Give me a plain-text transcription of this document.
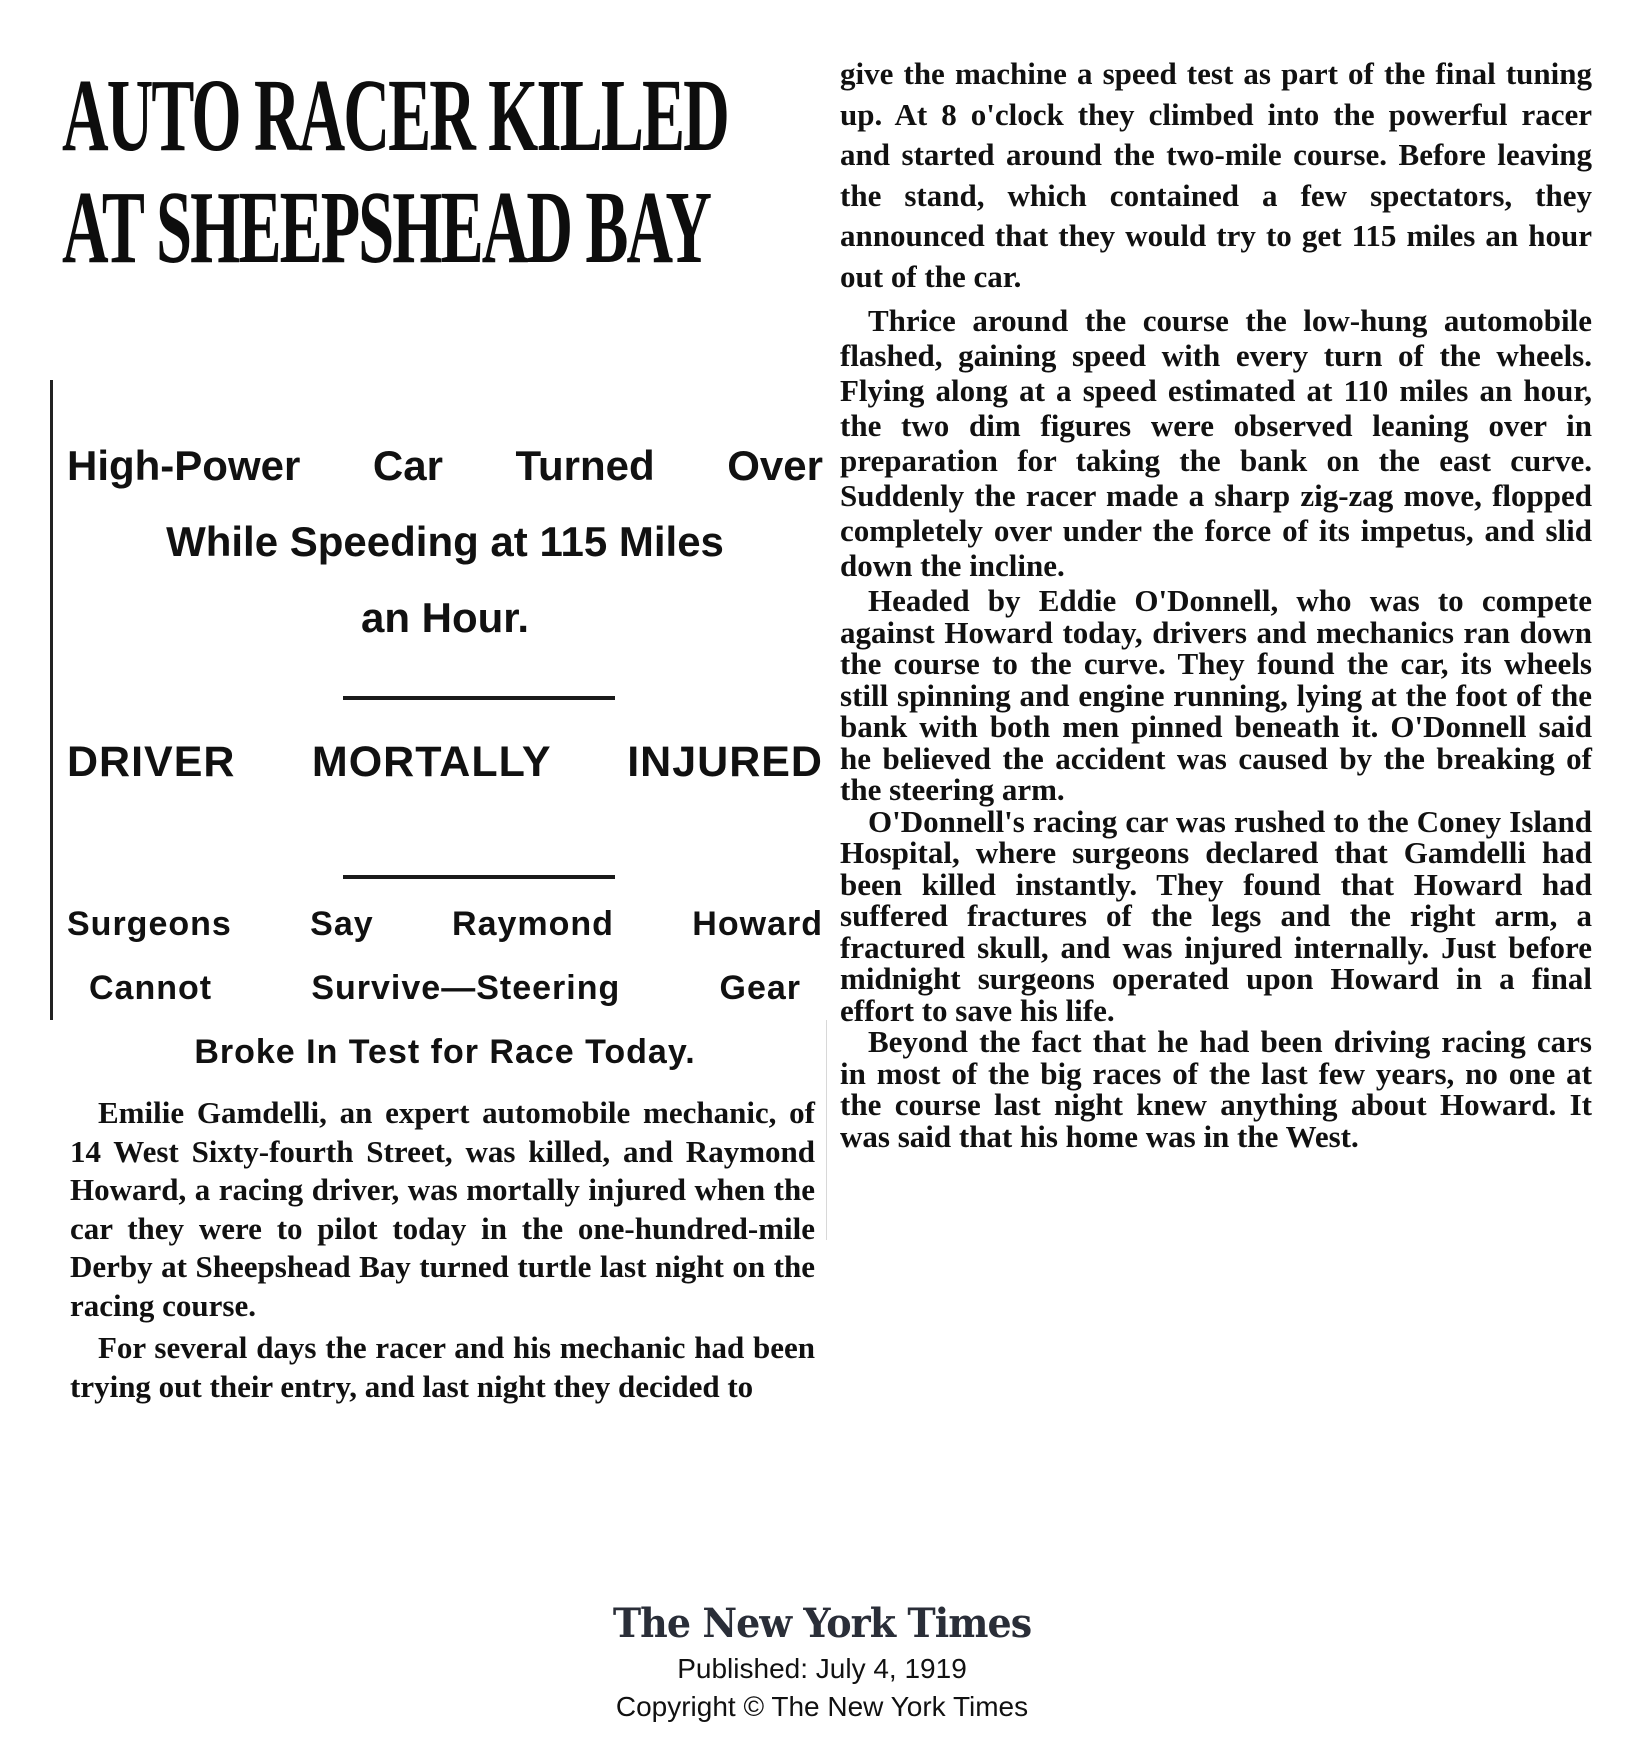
AUTO RACER KILLED
AT SHEEPSHEAD BAY
High-Power Car Turned Over
While Speeding at 115 Miles an Hour.
DRIVER MORTALLY INJURED
Surgeons Say Raymond Howard
Cannot Survive—Steering Gear
Broke In Test for Race Today.

Emilie Gamdelli, an expert automobile mechanic, of 14 West Sixty-fourth Street, was killed, and Raymond Howard, a racing driver, was mortally injured when the car they were to pilot today in the one-hundred-mile Derby at Sheepshead Bay turned turtle last night on the racing course.

For several days the racer and his mechanic had been trying out their entry, and last night they decided to

give the machine a speed test as part of the final tuning up. At 8 o'clock they climbed into the powerful racer and started around the two-mile course. Before leaving the stand, which contained a few spectators, they announced that they would try to get 115 miles an hour out of the car.

Thrice around the course the low-hung automobile flashed, gaining speed with every turn of the wheels. Flying along at a speed estimated at 110 miles an hour, the two dim figures were observed leaning over in preparation for taking the bank on the east curve. Suddenly the racer made a sharp zig-zag move, flopped completely over under the force of its impetus, and slid down the incline.

Headed by Eddie O'Donnell, who was to compete against Howard today, drivers and mechanics ran down the course to the curve. They found the car, its wheels still spinning and engine running, lying at the foot of the bank with both men pinned beneath it. O'Donnell said he believed the accident was caused by the breaking of the steering arm.

O'Donnell's racing car was rushed to the Coney Island Hospital, where surgeons declared that Gamdelli had been killed instantly. They found that Howard had suffered fractures of the legs and the right arm, a fractured skull, and was injured internally. Just before midnight surgeons operated upon Howard in a final effort to save his life.

Beyond the fact that he had been driving racing cars in most of the big races of the last few years, no one at the course last night knew anything about Howard. It was said that his home was in the West.

The New York Times
Published: July 4, 1919
Copyright © The New York Times
